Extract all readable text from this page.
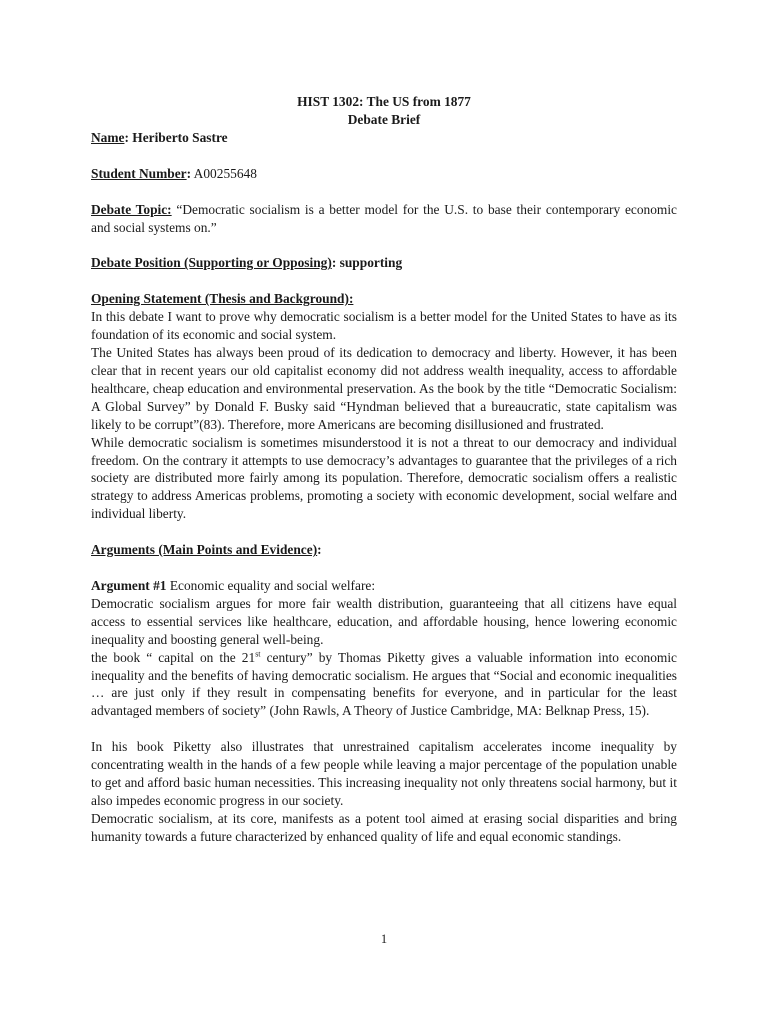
HIST 1302: The US from 1877
Debate Brief

Name: Heriberto Sastre

Student Number: A00255648

Debate Topic: “Democratic socialism is a better model for the U.S. to base their contemporary economic and social systems on.”

Debate Position (Supporting or Opposing): supporting

Opening Statement (Thesis and Background):

In this debate I want to prove why democratic socialism is a better model for the United States to have as its foundation of its economic and social system.

The United States has always been proud of its dedication to democracy and liberty. However, it has been clear that in recent years our old capitalist economy did not address wealth inequality, access to affordable healthcare, cheap education and environmental preservation. As the book by the title “Democratic Socialism: A Global Survey” by Donald F. Busky said “Hyndman believed that a bureaucratic, state capitalism was likely to be corrupt”(83). Therefore, more Americans are becoming disillusioned and frustrated.

While democratic socialism is sometimes misunderstood it is not a threat to our democracy and individual freedom. On the contrary it attempts to use democracy’s advantages to guarantee that the privileges of a rich society are distributed more fairly among its population. Therefore, democratic socialism offers a realistic strategy to address Americas problems, promoting a society with economic development, social welfare and individual liberty.

Arguments (Main Points and Evidence):

Argument #1 Economic equality and social welfare:

Democratic socialism argues for more fair wealth distribution, guaranteeing that all citizens have equal access to essential services like healthcare, education, and affordable housing, hence lowering economic inequality and boosting general well-being.

the book “ capital on the 21st century” by Thomas Piketty gives a valuable information into economic inequality and the benefits of having democratic socialism. He argues that “Social and economic inequalities … are just only if they result in compensating benefits for everyone, and in particular for the least advantaged members of society” (John Rawls, A Theory of Justice Cambridge, MA: Belknap Press, 15).

In his book Piketty also illustrates that unrestrained capitalism accelerates income inequality by concentrating wealth in the hands of a few people while leaving a major percentage of the population unable to get and afford basic human necessities. This increasing inequality not only threatens social harmony, but it also impedes economic progress in our society.

Democratic socialism, at its core, manifests as a potent tool aimed at erasing social disparities and bring humanity towards a future characterized by enhanced quality of life and equal economic standings.

1
